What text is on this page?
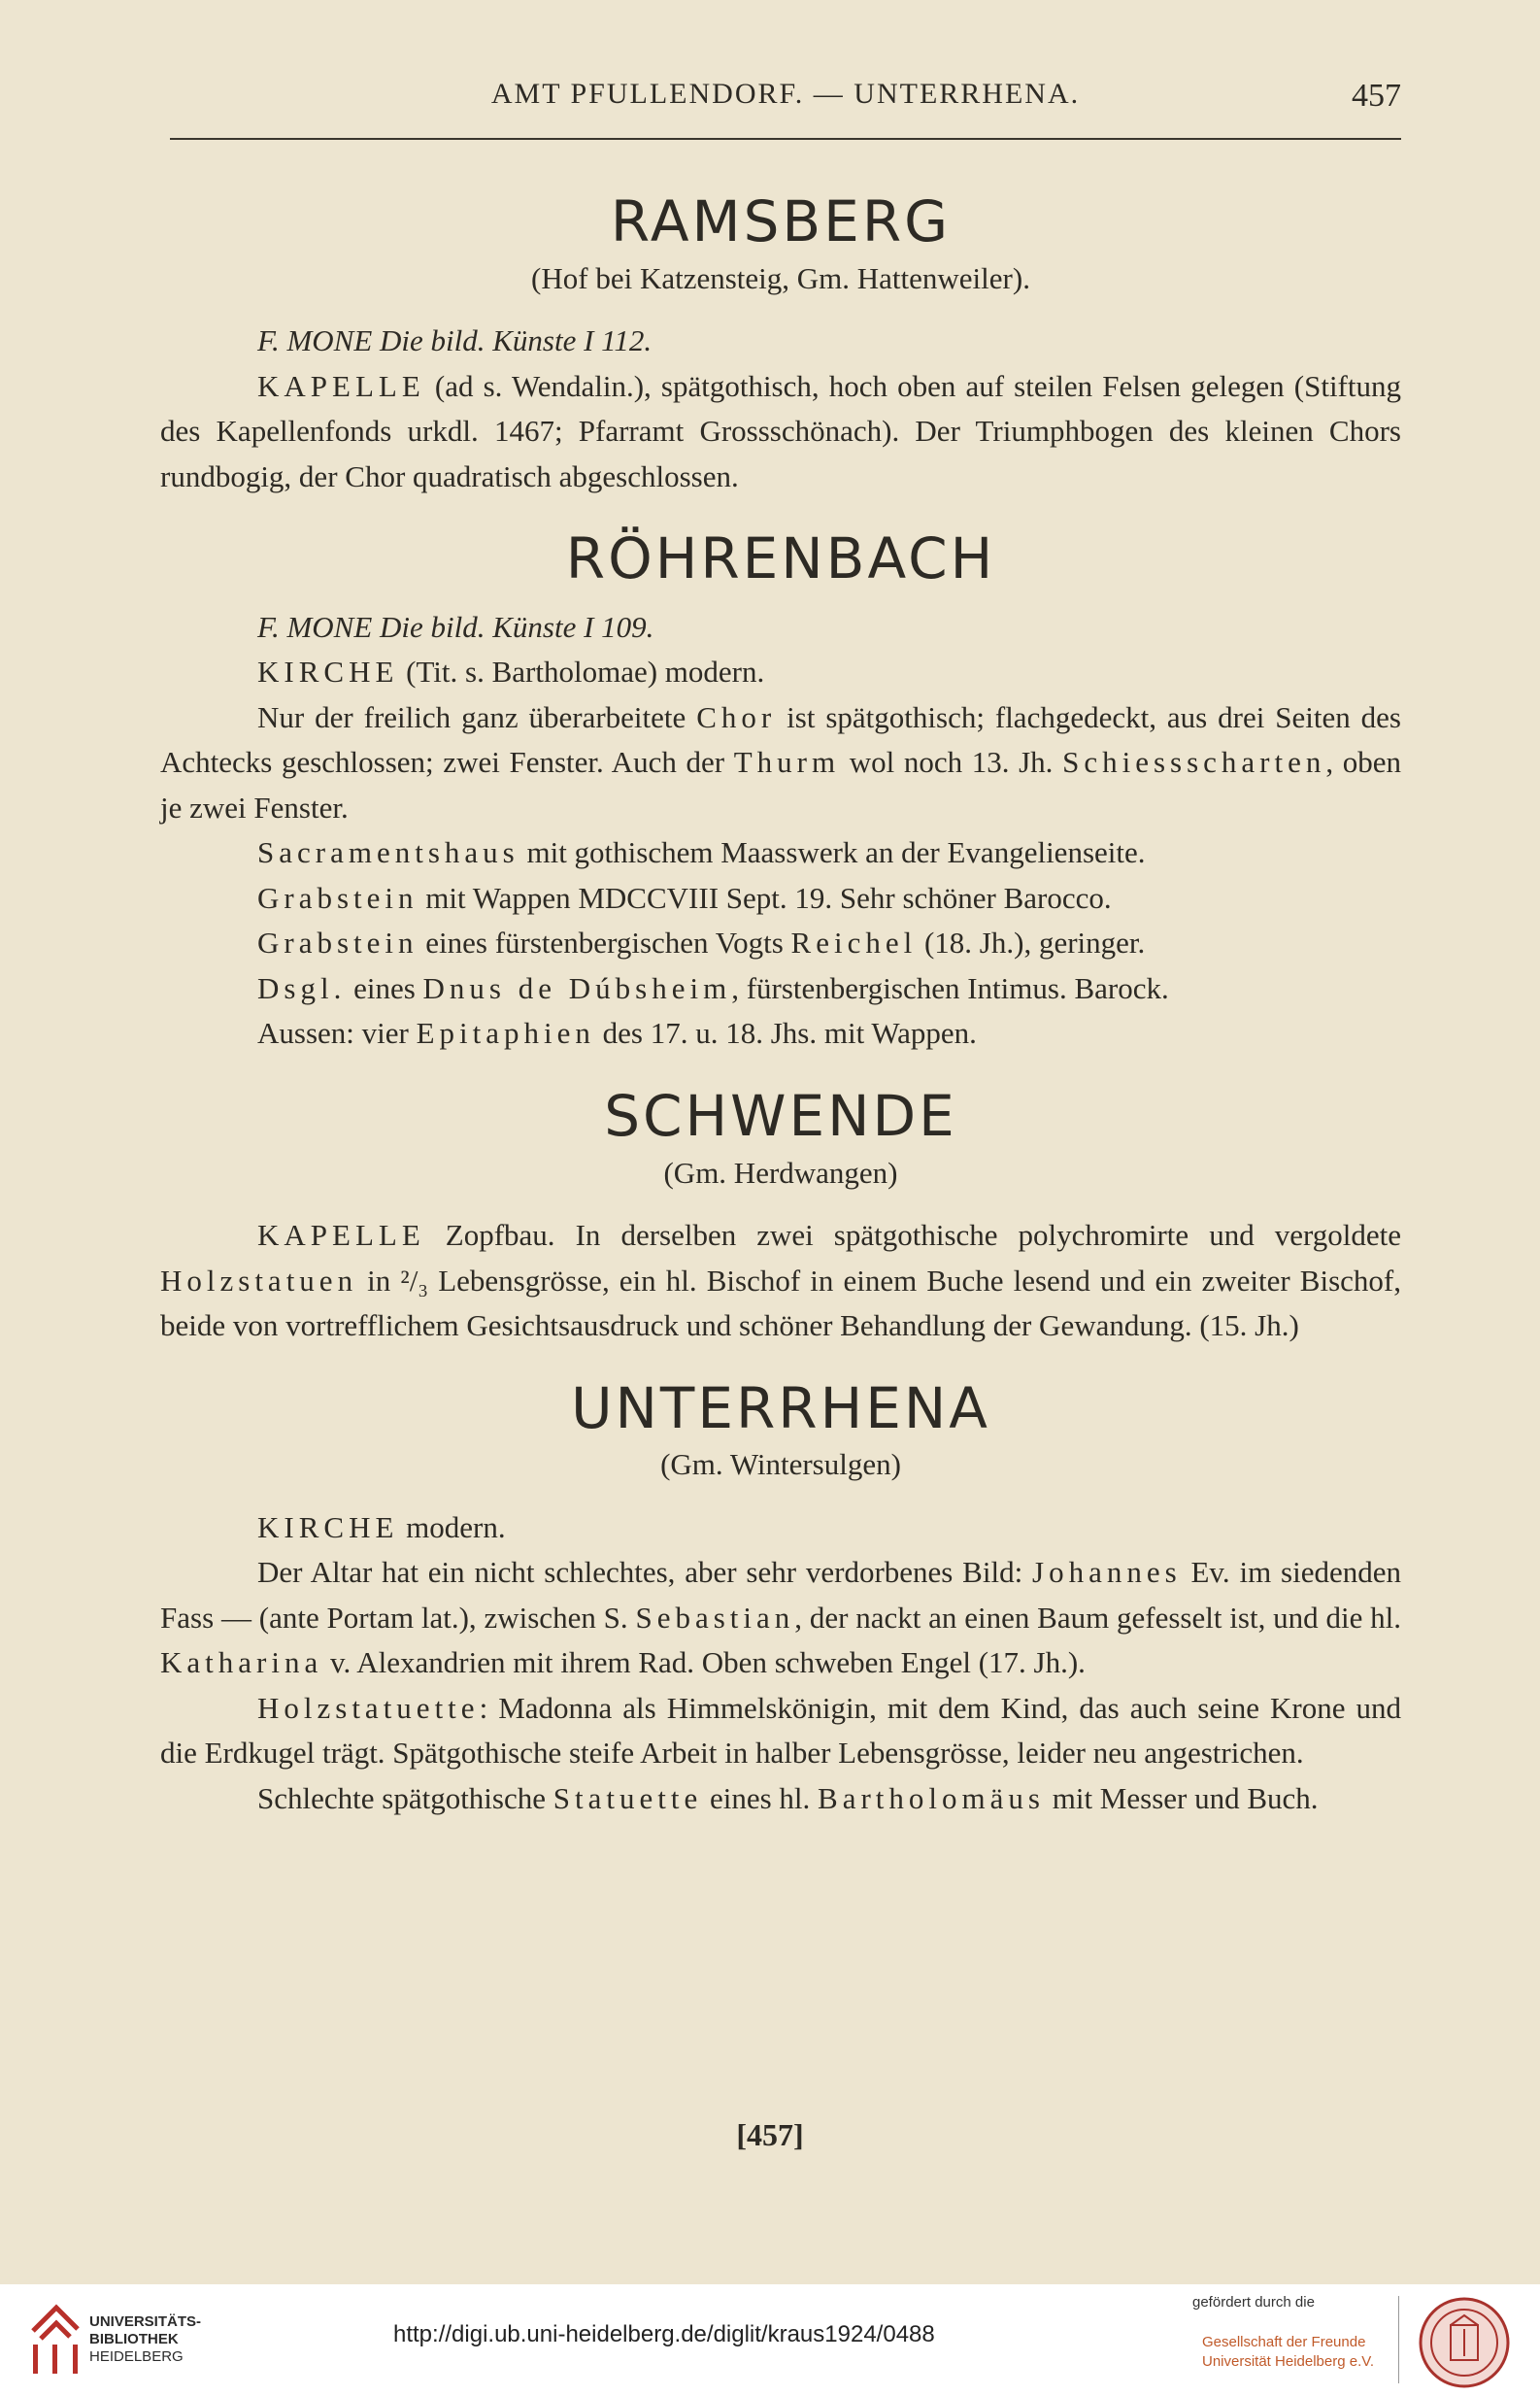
AMT PFULLENDORF. — UNTERRHENA.	457
RAMSBERG
(Hof bei Katzensteig, Gm. Hattenweiler).
F. MONE Die bild. Künste I 112.

KAPELLE (ad s. Wendalin.), spätgothisch, hoch oben auf steilen Felsen gelegen (Stiftung des Kapellenfonds urkdl. 1467; Pfarramt Grossschönach). Der Triumphbogen des kleinen Chors rundbogig, der Chor quadratisch abgeschlossen.

RÖHRENBACH
F. MONE Die bild. Künste I 109.

KIRCHE (Tit. s. Bartholomae) modern.

Nur der freilich ganz überarbeitete Chor ist spätgothisch; flachgedeckt, aus drei Seiten des Achtecks geschlossen; zwei Fenster. Auch der Thurm wol noch 13. Jh. Schiessscharten, oben je zwei Fenster.

Sacramentshaus mit gothischem Maasswerk an der Evangelienseite.

Grabstein mit Wappen MDCCVIII Sept. 19. Sehr schöner Barocco.

Grabstein eines fürstenbergischen Vogts Reichel (18. Jh.), geringer.

Dsgl. eines Dnus de Dúbsheim, fürstenbergischen Intimus. Barock.

Aussen: vier Epitaphien des 17. u. 18. Jhs. mit Wappen.

SCHWENDE
(Gm. Herdwangen)

KAPELLE Zopfbau. In derselben zwei spätgothische polychromirte und vergoldete Holzstatuen in ²/₃ Lebensgrösse, ein hl. Bischof in einem Buche lesend und ein zweiter Bischof, beide von vortrefflichem Gesichtsausdruck und schöner Behandlung der Gewandung. (15. Jh.)

UNTERRHENA
(Gm. Wintersulgen)

KIRCHE modern.

Der Altar hat ein nicht schlechtes, aber sehr verdorbenes Bild: Johannes Ev. im siedenden Fass — (ante Portam lat.), zwischen S. Sebastian, der nackt an einen Baum gefesselt ist, und die hl. Katharina v. Alexandrien mit ihrem Rad. Oben schweben Engel (17. Jh.).

Holzstatuette: Madonna als Himmelskönigin, mit dem Kind, das auch seine Krone und die Erdkugel trägt. Spätgothische steife Arbeit in halber Lebensgrösse, leider neu angestrichen.

Schlechte spätgothische Statuette eines hl. Bartholomäus mit Messer und Buch.

[457]
UNIVERSITÄTS-
BIBLIOTHEK
HEIDELBERG
http://digi.ub.uni-heidelberg.de/diglit/kraus1924/0488
gefördert durch die
Gesellschaft der Freunde
Universität Heidelberg e.V.
